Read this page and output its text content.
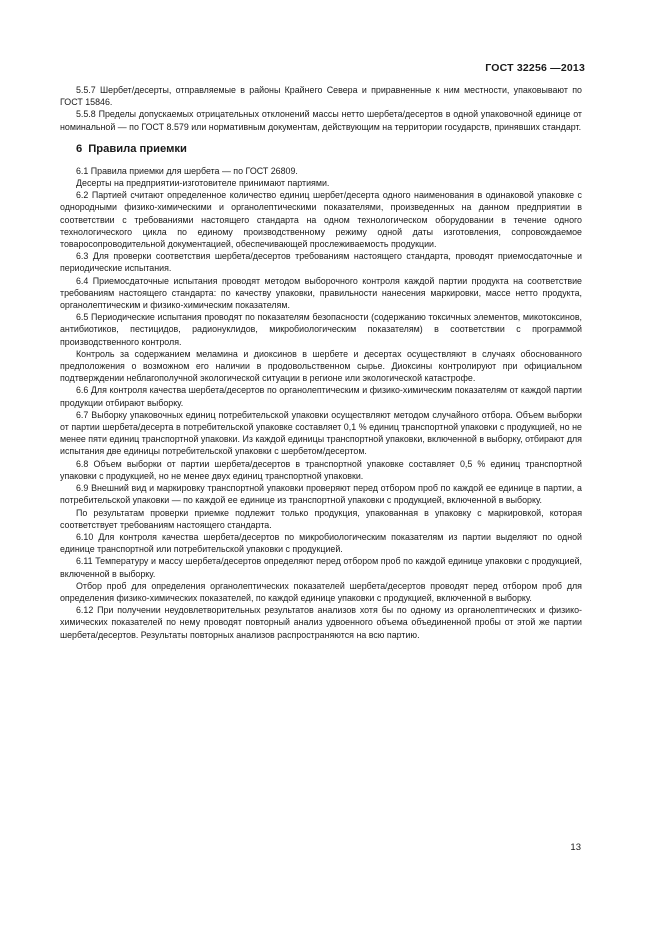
ГОСТ 32256 —2013

5.5.7 Шербет/десерты, отправляемые в районы Крайнего Севера и приравненные к ним местности, упаковывают по ГОСТ 15846.

5.5.8 Пределы допускаемых отрицательных отклонений массы нетто шербета/десертов в одной упаковочной единице от номинальной — по ГОСТ 8.579 или нормативным документам, действующим на территории государств, принявших стандарт.

6 Правила приемки

6.1 Правила приемки для шербета — по ГОСТ 26809.

Десерты на предприятии-изготовителе принимают партиями.

6.2 Партией считают определенное количество единиц шербет/десерта одного наименования в одинаковой упаковке с однородными физико-химическими и органолептическими показателями, произведенных на данном предприятии в соответствии с требованиями настоящего стандарта на одном технологическом оборудовании в течение одного технологического цикла по единому производственному режиму одной даты изготовления, сопровождаемое товаросопроводительной документацией, обеспечивающей прослеживаемость продукции.

6.3 Для проверки соответствия шербета/десертов требованиям настоящего стандарта, проводят приемосдаточные и периодические испытания.

6.4 Приемосдаточные испытания проводят методом выборочного контроля каждой партии продукта на соответствие требованиям настоящего стандарта: по качеству упаковки, правильности нанесения маркировки, массе нетто продукта, органолептическим и физико-химическим показателям.

6.5 Периодические испытания проводят по показателям безопасности (содержанию токсичных элементов, микотоксинов, антибиотиков, пестицидов, радионуклидов, микробиологическим показателям) в соответствии с программой производственного контроля.

Контроль за содержанием меламина и диоксинов в шербете и десертах осуществляют в случаях обоснованного предположения о возможном его наличии в продовольственном сырье. Диоксины контролируют при официальном подтверждении неблагополучной экологической ситуации в регионе или экологической катастрофе.

6.6 Для контроля качества шербета/десертов по органолептическим и физико-химическим показателям от каждой партии продукции отбирают выборку.

6.7 Выборку упаковочных единиц потребительской упаковки осуществляют методом случайного отбора. Объем выборки от партии шербета/десерта в потребительской упаковке составляет 0,1 % единиц транспортной упаковки с продукцией, но не менее пяти единиц транспортной упаковки. Из каждой единицы транспортной упаковки, включенной в выборку, отбирают для испытания две единицы потребительской упаковки с шербетом/десертом.

6.8 Объем выборки от партии шербета/десертов в транспортной упаковке составляет 0,5 % единиц транспортной упаковки с продукцией, но не менее двух единиц транспортной упаковки.

6.9 Внешний вид и маркировку транспортной упаковки проверяют перед отбором проб по каждой ее единице в партии, а потребительской упаковки — по каждой ее единице из транспортной упаковки с продукцией, включенной в выборку.

По результатам проверки приемке подлежит только продукция, упакованная в упаковку с маркировкой, которая соответствует требованиям настоящего стандарта.

6.10 Для контроля качества шербета/десертов по микробиологическим показателям из партии выделяют по одной единице транспортной или потребительской упаковки с продукцией.

6.11 Температуру и массу шербета/десертов определяют перед отбором проб по каждой единице упаковки с продукцией, включенной в выборку.

Отбор проб для определения органолептических показателей шербета/десертов проводят перед отбором проб для определения физико-химических показателей, по каждой единице упаковки с продукцией, включенной в выборку.

6.12 При получении неудовлетворительных результатов анализов хотя бы по одному из органолептических и физико-химических показателей по нему проводят повторный анализ удвоенного объема объединенной пробы от этой же партии шербета/десертов. Результаты повторных анализов распространяются на всю партию.

13
